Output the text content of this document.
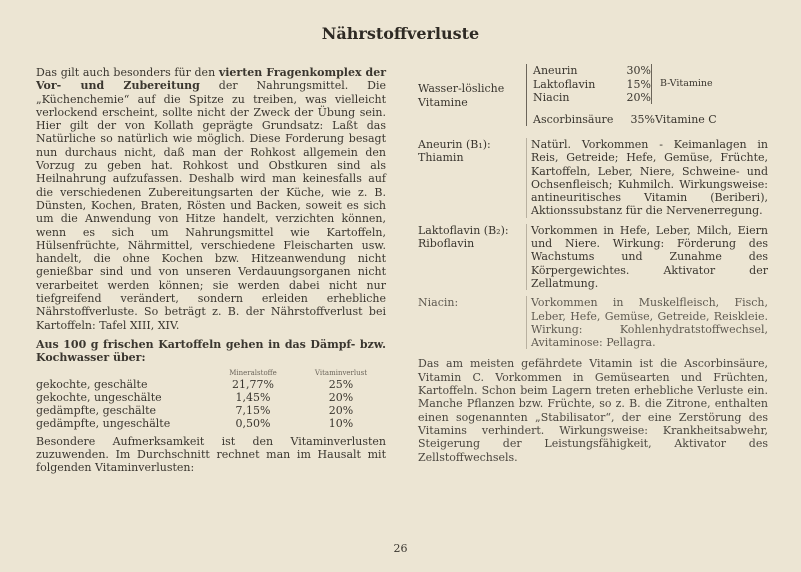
Nährstoffverluste

Das gilt auch besonders für den vierten Fragenkomplex der Vor- und Zubereitung der Nahrungsmittel. Die „Küchenchemie“ auf die Spitze zu treiben, was vielleicht verlockend erscheint, sollte nicht der Zweck der Übung sein. Hier gilt der von Kollath geprägte Grundsatz: Laßt das Natürliche so natürlich wie möglich. Diese Forderung besagt nun durchaus nicht, daß man der Rohkost allgemein den Vorzug zu geben hat. Rohkost und Obstkuren sind als Heilnahrung aufzufassen. Deshalb wird man keinesfalls auf die verschiedenen Zubereitungsarten der Küche, wie z. B. Dünsten, Kochen, Braten, Rösten und Backen, soweit es sich um die Anwendung von Hitze handelt, verzichten können, wenn es sich um Nahrungsmittel wie Kartoffeln, Hülsenfrüchte, Nährmittel, verschiedene Fleischarten usw. handelt, die ohne Kochen bzw. Hitzeanwendung nicht genießbar sind und von unseren Verdauungsorganen nicht verarbeitet werden können; sie werden dabei nicht nur tiefgreifend verändert, sondern erleiden erhebliche Nährstoffverluste. So beträgt z. B. der Nährstoffverlust bei Kartoffeln: Tafel XIII, XIV.

Aus 100 g frischen Kartoffeln gehen in das Dämpf- bzw. Kochwasser über:

Mineralstoffe	Vitaminverlust
gekochte, geschälte	21,77%	25%
gekochte, ungeschälte	1,45%	20%
gedämpfte, geschälte	7,15%	20%
gedämpfte, ungeschälte	0,50%	10%

Besondere Aufmerksamkeit ist den Vitaminverlusten zuzuwenden. Im Durchschnitt rechnet man im Hausalt mit folgenden Vitaminverlusten:

Wasser-lösliche Vitamine
Aneurin	30%
Laktoflavin	15%
Niacin	20%
B-Vitamine
Ascorbinsäure	35% Vitamine C
Aneurin (B₁): Thiamin
Natürl. Vorkommen - Keimanlagen in Reis, Getreide; Hefe, Gemüse, Früchte, Kartoffeln, Leber, Niere, Schweine- und Ochsenfleisch; Kuhmilch. Wirkungsweise: antineuritisches Vitamin (Beriberi), Aktionssubstanz für die Nervenerregung.
Laktoflavin (B₂): Riboflavin
Vorkommen in Hefe, Leber, Milch, Eiern und Niere. Wirkung: Förderung des Wachstums und Zunahme des Körpergewichtes. Aktivator der Zellatmung.
Niacin:	Vorkommen in Muskelfleisch, Fisch, Leber, Hefe, Gemüse, Getreide, Reiskleie. Wirkung: Kohlenhydratstoffwechsel, Avitaminose: Pellagra.

Das am meisten gefährdete Vitamin ist die Ascorbinsäure, Vitamin C. Vorkommen in Gemüsearten und Früchten, Kartoffeln. Schon beim Lagern treten erhebliche Verluste ein. Manche Pflanzen bzw. Früchte, so z. B. die Zitrone, enthalten einen sogenannten „Stabilisator“, der eine Zerstörung des Vitamins verhindert. Wirkungsweise: Krankheitsabwehr, Steigerung der Leistungsfähigkeit, Aktivator des Zellstoffwechsels.

26
